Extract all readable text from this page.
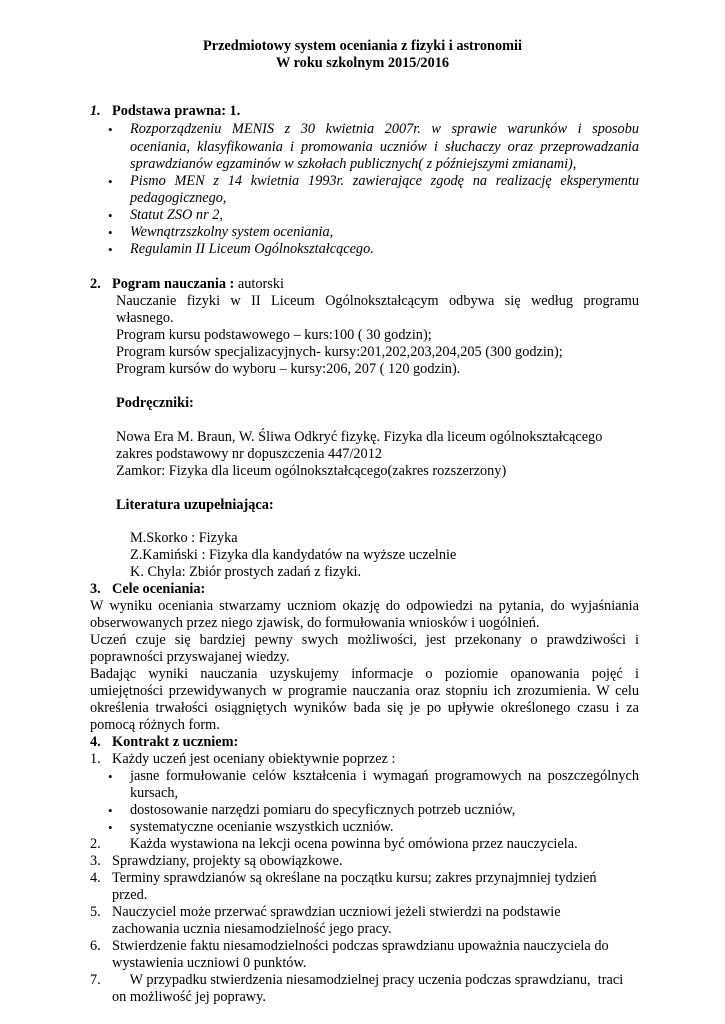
Przedmiotowy system oceniania z fizyki i astronomii
W roku szkolnym 2015/2016
1. Podstawa prawna: 1.
• Rozporządzeniu MENIS z 30 kwietnia 2007r. w sprawie warunków i sposobu
oceniania, klasyfikowania i promowania uczniów i słuchaczy oraz przeprowadzania
sprawdzianów egzaminów w szkołach publicznych( z późniejszymi zmianami),
• Pismo MEN z 14 kwietnia 1993r. zawierające zgodę na realizację eksperymentu
pedagogicznego,
• Statut ZSO nr 2,
• Wewnątrzszkolny system oceniania,
• Regulamin II Liceum Ogólnokształcącego.
2. Pogram nauczania : autorski
Nauczanie fizyki w II Liceum Ogólnokształcącym odbywa się według programu
własnego.
Program kursu podstawowego – kurs:100 ( 30 godzin);
Program kursów specjalizacyjnych- kursy:201,202,203,204,205 (300 godzin);
Program kursów do wyboru – kursy:206, 207 ( 120 godzin).
Podręczniki:
Nowa Era M. Braun, W. Śliwa Odkryć fizykę. Fizyka dla liceum ogólnokształcącego
zakres podstawowy nr dopuszczenia 447/2012
Zamkor: Fizyka dla liceum ogólnokształcącego(zakres rozszerzony)
Literatura uzupełniająca:
M.Skorko : Fizyka
Z.Kamiński : Fizyka dla kandydatów na wyższe uczelnie
K. Chyla: Zbiór prostych zadań z fizyki.
3. Cele oceniania:
W wyniku oceniania stwarzamy uczniom okazję do odpowiedzi na pytania, do wyjaśniania
obserwowanych przez niego zjawisk, do formułowania wniosków i uogólnień.
Uczeń czuje się bardziej pewny swych możliwości, jest przekonany o prawdziwości i
poprawności przyswajanej wiedzy.
Badając wyniki nauczania uzyskujemy informacje o poziomie opanowania pojęć i
umiejętności przewidywanych w programie nauczania oraz stopniu ich zrozumienia. W celu
określenia trwałości osiągniętych wyników bada się je po upływie określonego czasu i za
pomocą różnych form.
4. Kontrakt z uczniem:
1. Każdy uczeń jest oceniany obiektywnie poprzez :
• jasne formułowanie celów kształcenia i wymagań programowych na poszczególnych
kursach,
• dostosowanie narzędzi pomiaru do specyficznych potrzeb uczniów,
• systematyczne ocenianie wszystkich uczniów.
2. Każda wystawiona na lekcji ocena powinna być omówiona przez nauczyciela.
3. Sprawdziany, projekty są obowiązkowe.
4. Terminy sprawdzianów są określane na początku kursu; zakres przynajmniej tydzień
przed.
5. Nauczyciel może przerwać sprawdzian uczniowi jeżeli stwierdzi na podstawie
zachowania ucznia niesamodzielność jego pracy.
6. Stwierdzenie faktu niesamodzielności podczas sprawdzianu upoważnia nauczyciela do
wystawienia uczniowi 0 punktów.
7. W przypadku stwierdzenia niesamodzielnej pracy uczenia podczas sprawdzianu,  traci
on możliwość jej poprawy.
